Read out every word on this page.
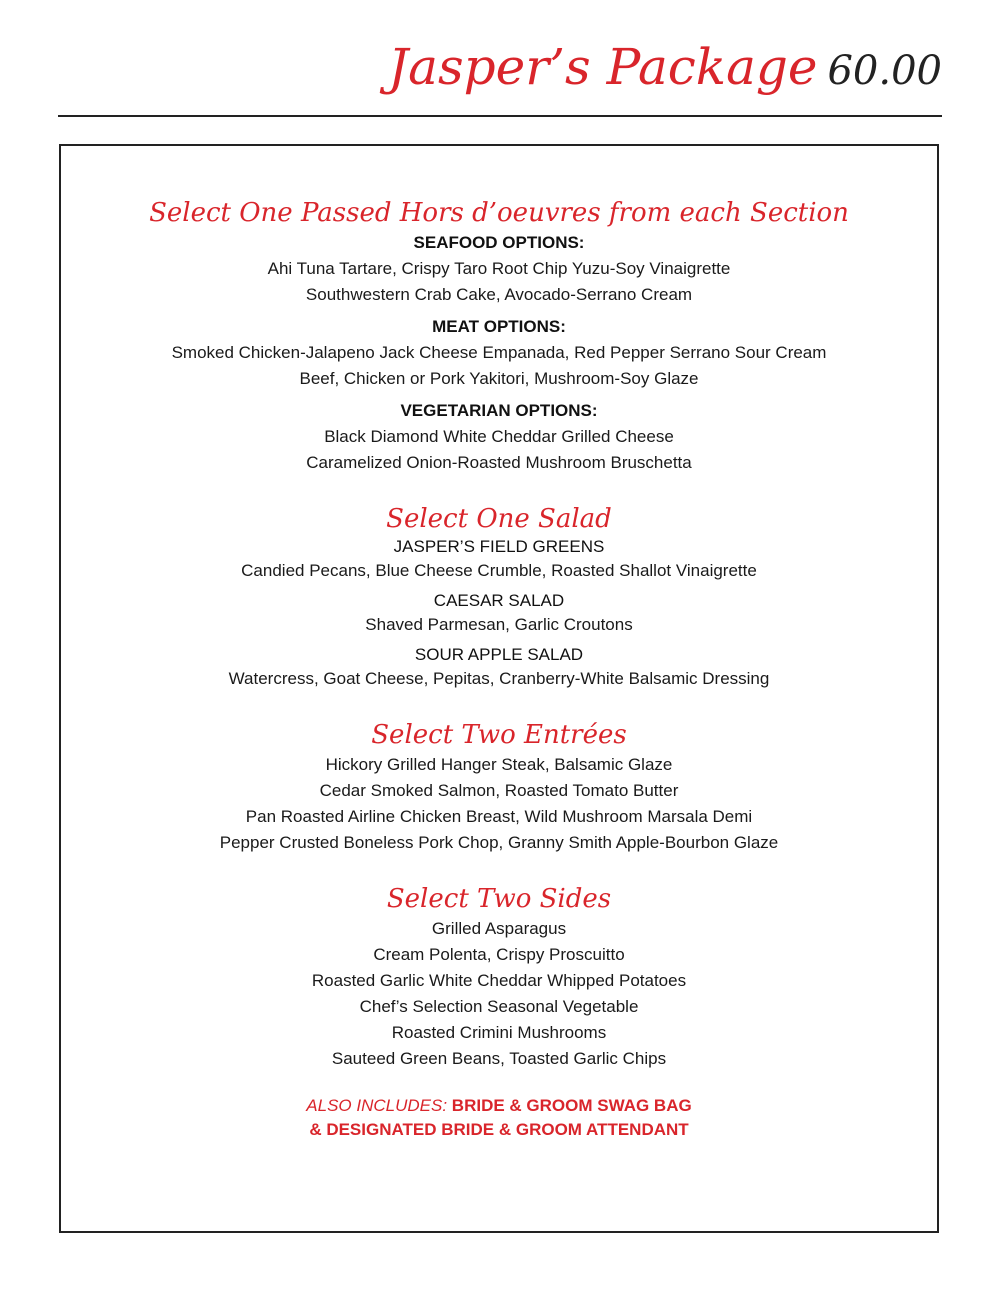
Jasper’s Package 60.00

Select One Passed Hors d’oeuvres from each Section

SEAFOOD OPTIONS:

Ahi Tuna Tartare, Crispy Taro Root Chip Yuzu-Soy Vinaigrette

Southwestern Crab Cake, Avocado-Serrano Cream

MEAT OPTIONS:

Smoked Chicken-Jalapeno Jack Cheese Empanada, Red Pepper Serrano Sour Cream

Beef, Chicken or Pork Yakitori, Mushroom-Soy Glaze

VEGETARIAN OPTIONS:

Black Diamond White Cheddar Grilled Cheese

Caramelized Onion-Roasted Mushroom Bruschetta

Select One Salad

JASPER’S FIELD GREENS

Candied Pecans, Blue Cheese Crumble, Roasted Shallot Vinaigrette

CAESAR SALAD

Shaved Parmesan, Garlic Croutons

SOUR APPLE SALAD

Watercress, Goat Cheese, Pepitas, Cranberry-White Balsamic Dressing

Select Two Entrées

Hickory Grilled Hanger Steak, Balsamic Glaze

Cedar Smoked Salmon, Roasted Tomato Butter

Pan Roasted Airline Chicken Breast, Wild Mushroom Marsala Demi

Pepper Crusted Boneless Pork Chop, Granny Smith Apple-Bourbon Glaze

Select Two Sides

Grilled Asparagus

Cream Polenta, Crispy Proscuitto

Roasted Garlic White Cheddar Whipped Potatoes

Chef’s Selection Seasonal Vegetable

Roasted Crimini Mushrooms

Sauteed Green Beans, Toasted Garlic Chips

ALSO INCLUDES: BRIDE & GROOM SWAG BAG
& DESIGNATED BRIDE & GROOM ATTENDANT
